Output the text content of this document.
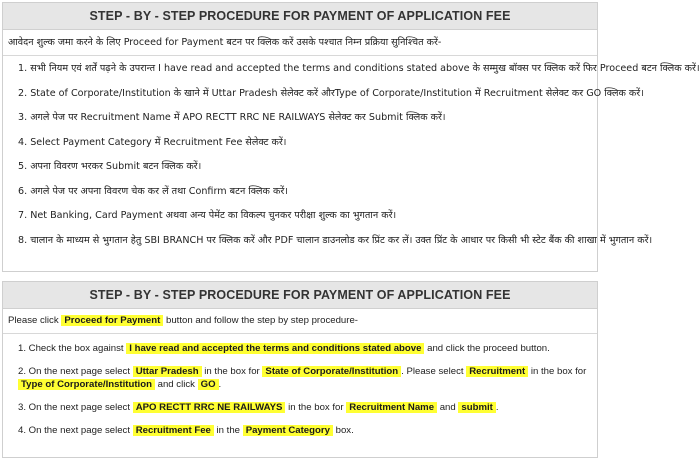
STEP - BY - STEP PROCEDURE FOR PAYMENT OF APPLICATION FEE
आवेदन शुल्क जमा करने के लिए Proceed for Payment बटन पर क्लिक करें उसके पश्चात निम्न प्रक्रिया सुनिश्चित करें-
1. सभी नियम एवं शर्तें पढ़ने के उपरान्त I have read and accepted the terms and conditions stated above के सम्मुख बॉक्स पर क्लिक करें फिर Proceed बटन क्लिक करें।
2. State of Corporate/Institution के खाने में Uttar Pradesh सेलेक्ट करें औरType of Corporate/Institution में Recruitment सेलेक्ट कर GO क्लिक करें।
3. अगले पेज पर Recruitment Name में APO RECTT RRC NE RAILWAYS सेलेक्ट कर Submit क्लिक करें।
4. Select Payment Category में Recruitment Fee सेलेक्ट करें।
5. अपना विवरण भरकर Submit बटन क्लिक करें।
6. अगले पेज पर अपना विवरण चेक कर लें तथा Confirm बटन क्लिक करें।
7. Net Banking, Card Payment अथवा अन्य पेमेंट का विकल्प चुनकर परीक्षा शुल्क का भुगतान करें।
8. चालान के माध्यम से भुगतान हेतु SBI BRANCH पर क्लिक करें और PDF चालान डाउनलोड कर प्रिंट कर लें। उक्त प्रिंट के आधार पर किसी भी स्टेट बैंक की शाखा में भुगतान करें।
STEP - BY - STEP PROCEDURE FOR PAYMENT OF APPLICATION FEE
Please click Proceed for Payment button and follow the step by step procedure-
1. Check the box against I have read and accepted the terms and conditions stated above and click the proceed button.
2. On the next page select Uttar Pradesh in the box for State of Corporate/Institution . Please select Recruitment in the box for Type of Corporate/Institution and click GO .
3. On the next page select APO RECTT RRC NE RAILWAYS in the box for Recruitment Name and submit .
4. On the next page select Recruitment Fee in the Payment Category box.
